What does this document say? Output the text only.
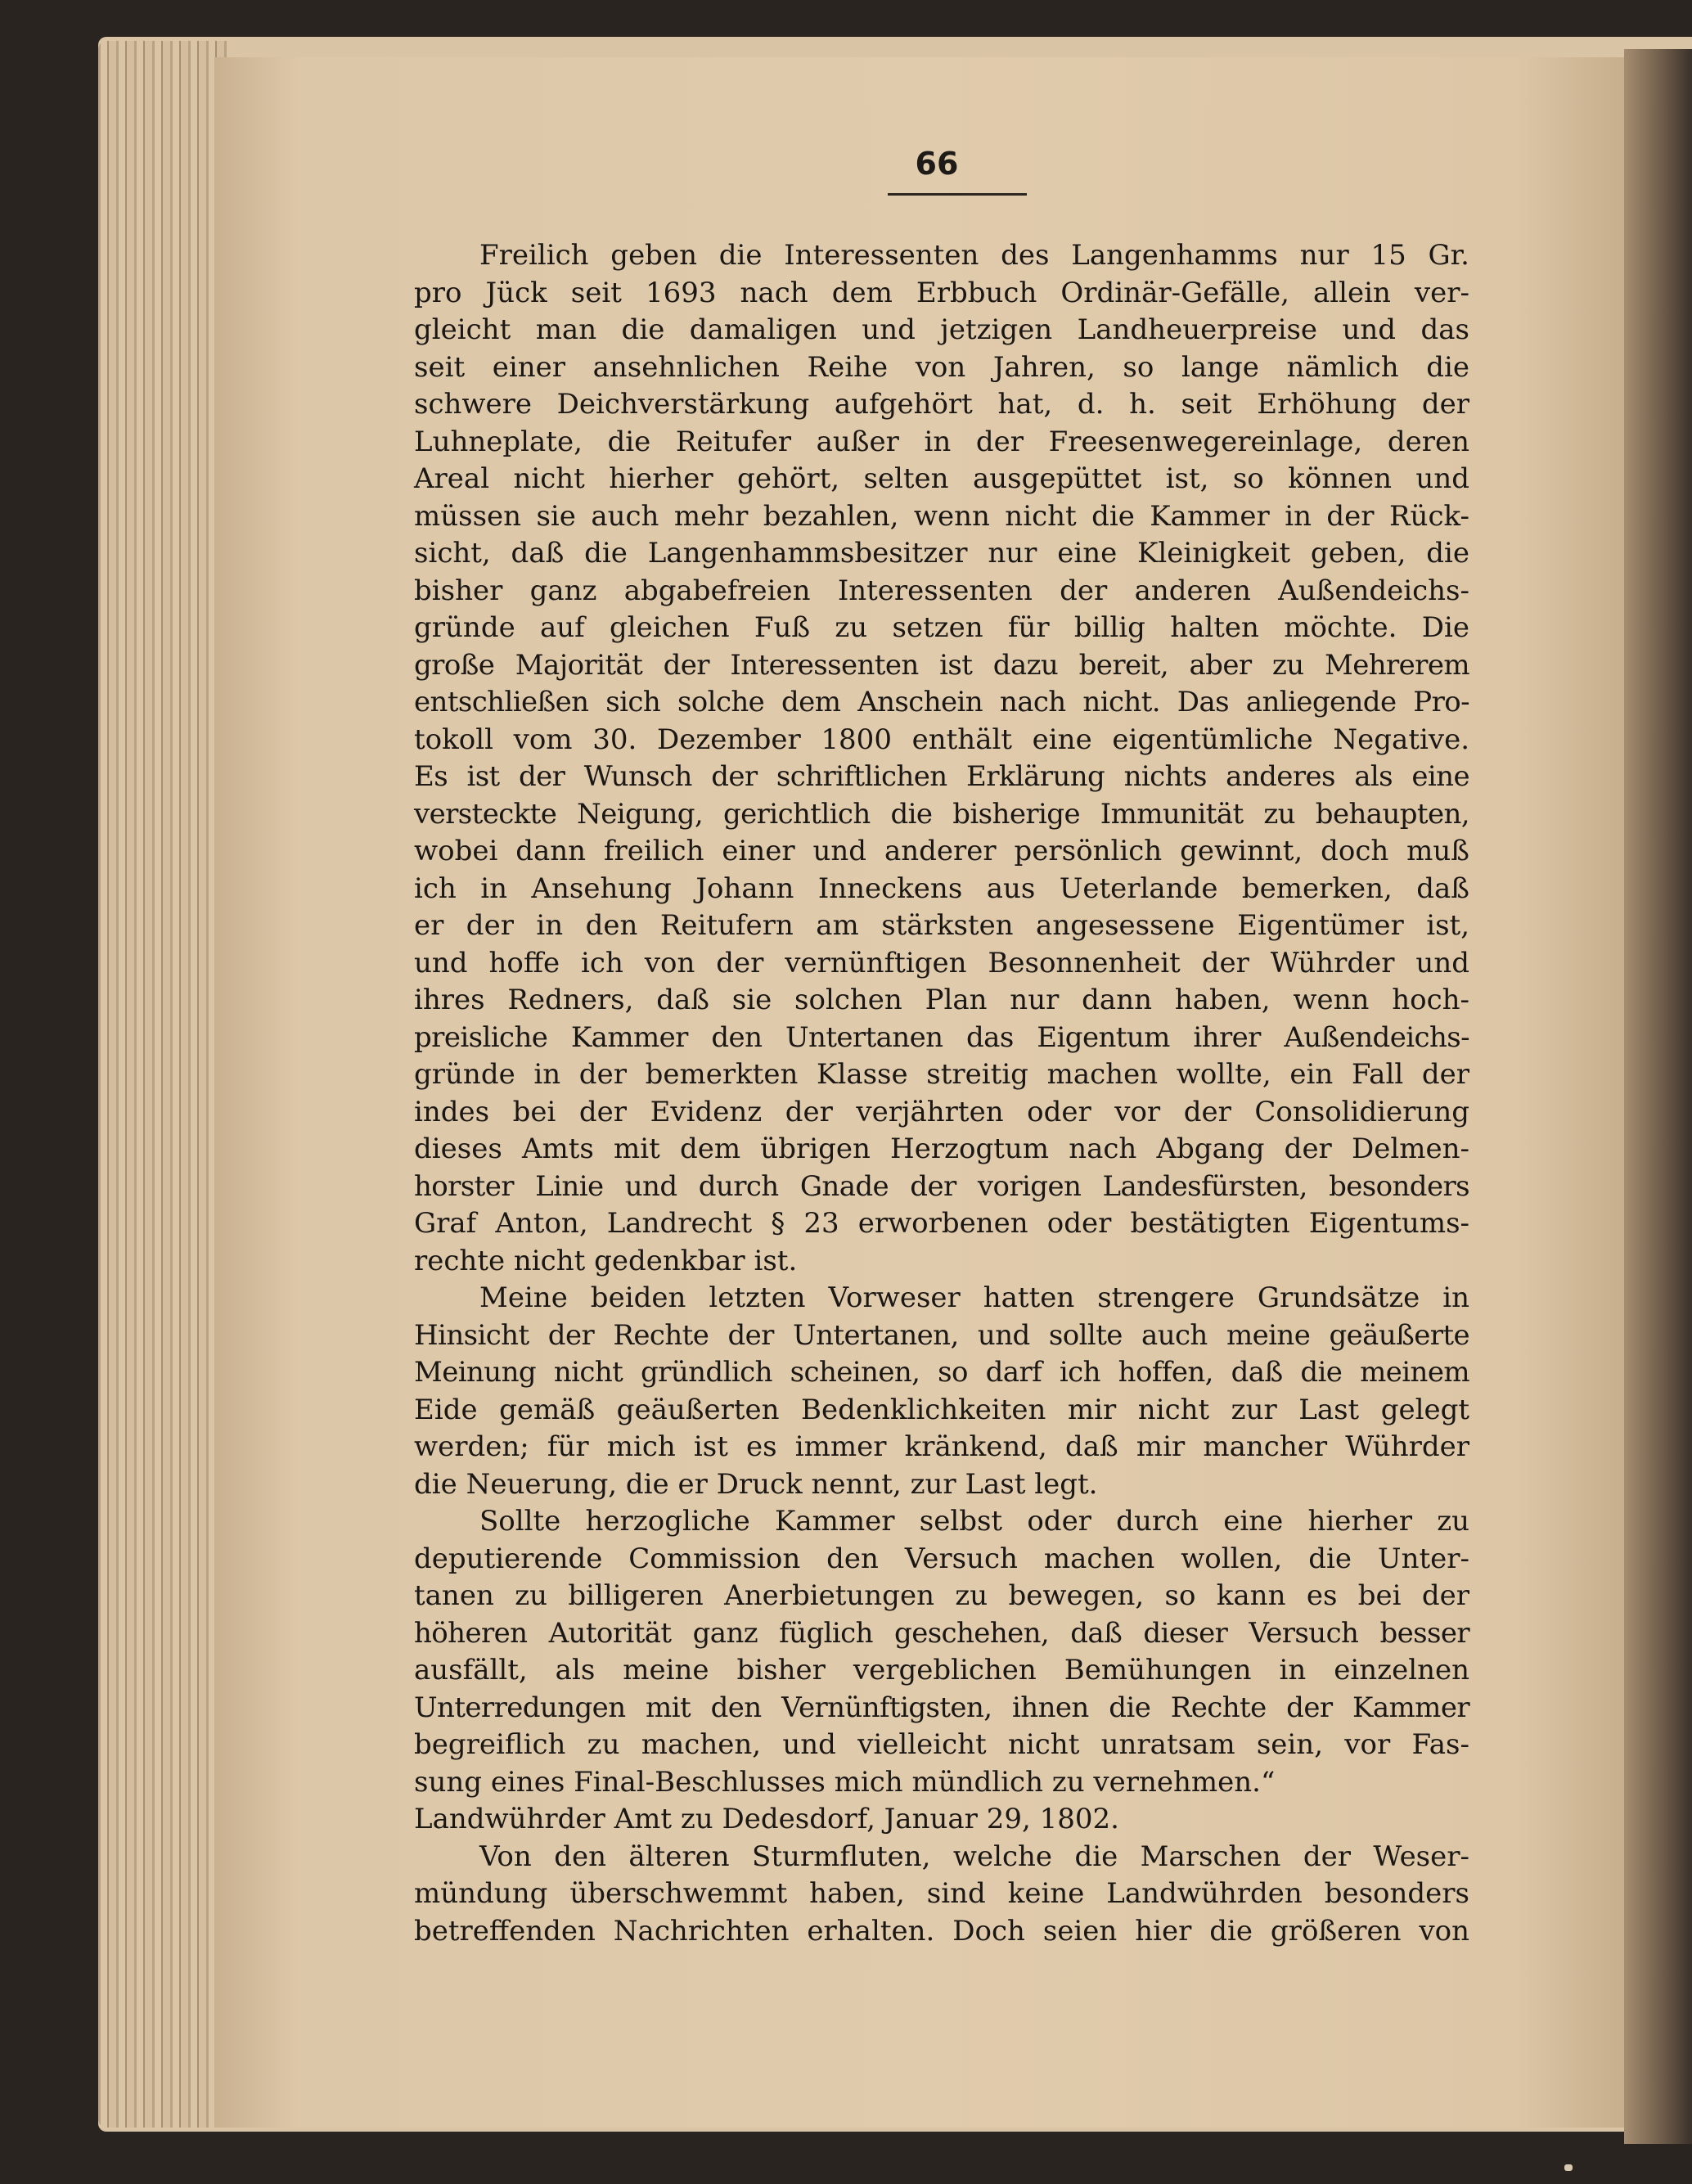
66
Freilich geben die Interessenten des Langenhamms nur 15 Gr.
pro Jück seit 1693 nach dem Erbbuch Ordinär-Gefälle, allein ver-
gleicht man die damaligen und jetzigen Landheuerpreise und das
seit einer ansehnlichen Reihe von Jahren, so lange nämlich die
schwere Deichverstärkung aufgehört hat, d. h. seit Erhöhung der
Luhneplate, die Reitufer außer in der Freesenwegereinlage, deren
Areal nicht hierher gehört, selten ausgepüttet ist, so können und
müssen sie auch mehr bezahlen, wenn nicht die Kammer in der Rück-
sicht, daß die Langenhammsbesitzer nur eine Kleinigkeit geben, die
bisher ganz abgabefreien Interessenten der anderen Außendeichs-
gründe auf gleichen Fuß zu setzen für billig halten möchte. Die
große Majorität der Interessenten ist dazu bereit, aber zu Mehrerem
entschließen sich solche dem Anschein nach nicht. Das anliegende Pro-
tokoll vom 30. Dezember 1800 enthält eine eigentümliche Negative.
Es ist der Wunsch der schriftlichen Erklärung nichts anderes als eine
versteckte Neigung, gerichtlich die bisherige Immunität zu behaupten,
wobei dann freilich einer und anderer persönlich gewinnt, doch muß
ich in Ansehung Johann Inneckens aus Ueterlande bemerken, daß
er der in den Reitufern am stärksten angesessene Eigentümer ist,
und hoffe ich von der vernünftigen Besonnenheit der Wührder und
ihres Redners, daß sie solchen Plan nur dann haben, wenn hoch-
preisliche Kammer den Untertanen das Eigentum ihrer Außendeichs-
gründe in der bemerkten Klasse streitig machen wollte, ein Fall der
indes bei der Evidenz der verjährten oder vor der Consolidierung
dieses Amts mit dem übrigen Herzogtum nach Abgang der Delmen-
horster Linie und durch Gnade der vorigen Landesfürsten, besonders
Graf Anton, Landrecht § 23 erworbenen oder bestätigten Eigentums-
rechte nicht gedenkbar ist.
Meine beiden letzten Vorweser hatten strengere Grundsätze in
Hinsicht der Rechte der Untertanen, und sollte auch meine geäußerte
Meinung nicht gründlich scheinen, so darf ich hoffen, daß die meinem
Eide gemäß geäußerten Bedenklichkeiten mir nicht zur Last gelegt
werden; für mich ist es immer kränkend, daß mir mancher Wührder
die Neuerung, die er Druck nennt, zur Last legt.
Sollte herzogliche Kammer selbst oder durch eine hierher zu
deputierende Commission den Versuch machen wollen, die Unter-
tanen zu billigeren Anerbietungen zu bewegen, so kann es bei der
höheren Autorität ganz füglich geschehen, daß dieser Versuch besser
ausfällt, als meine bisher vergeblichen Bemühungen in einzelnen
Unterredungen mit den Vernünftigsten, ihnen die Rechte der Kammer
begreiflich zu machen, und vielleicht nicht unratsam sein, vor Fas-
sung eines Final-Beschlusses mich mündlich zu vernehmen.“
Landwührder Amt zu Dedesdorf, Januar 29, 1802.
Von den älteren Sturmfluten, welche die Marschen der Weser-
mündung überschwemmt haben, sind keine Landwührden besonders
betreffenden Nachrichten erhalten. Doch seien hier die größeren von
